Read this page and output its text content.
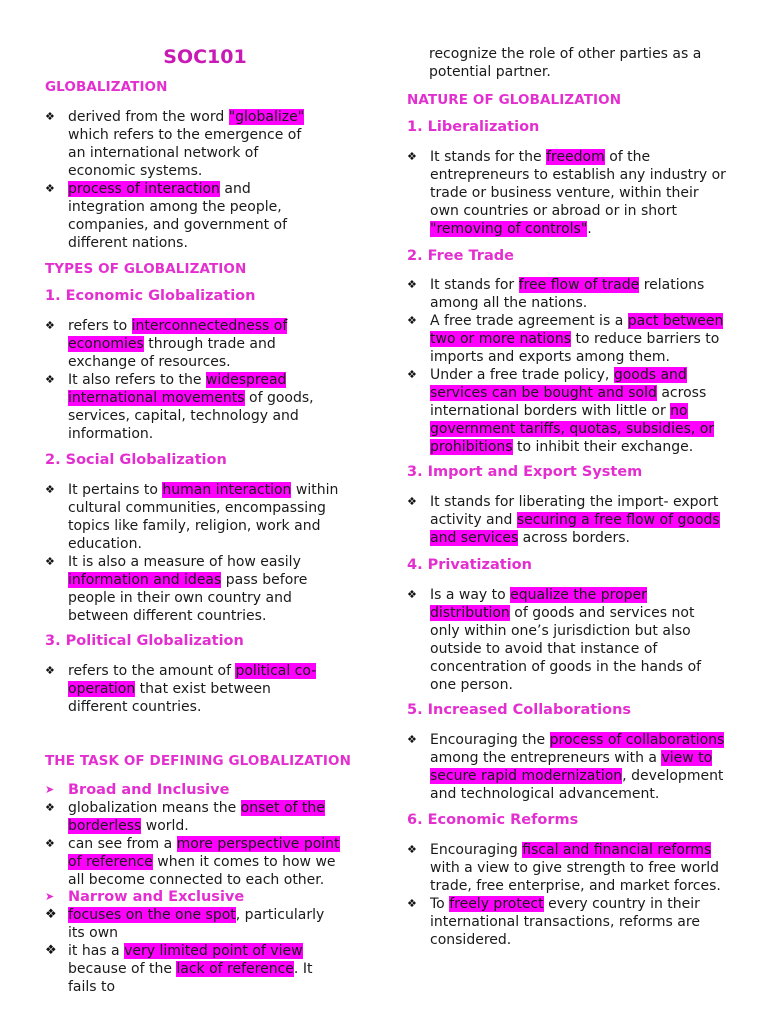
SOC101
GLOBALIZATION
❖ derived from the word "globalize" which refers to the emergence of an international network of economic systems.
❖ process of interaction and integration among the people, companies, and government of different nations.
TYPES OF GLOBALIZATION
1. Economic Globalization
❖ refers to interconnectedness of economies through trade and exchange of resources.
❖ It also refers to the widespread international movements of goods, services, capital, technology and information.
2. Social Globalization
❖ It pertains to human interaction within cultural communities, encompassing topics like family, religion, work and education.
❖ It is also a measure of how easily information and ideas pass before people in their own country and between different countries.
3. Political Globalization
❖ refers to the amount of political co-operation that exist between different countries.
THE TASK OF DEFINING GLOBALIZATION
➤ Broad and Inclusive
❖ globalization means the onset of the borderless world.
❖ can see from a more perspective point of reference when it comes to how we all become connected to each other.
➤ Narrow and Exclusive
❖ focuses on the one spot, particularly its own
❖ it has a very limited point of view because of the lack of reference. It fails to

recognize the role of other parties as a potential partner.

NATURE OF GLOBALIZATION
1. Liberalization
❖ It stands for the freedom of the entrepreneurs to establish any industry or trade or business venture, within their own countries or abroad or in short "removing of controls".
2. Free Trade
❖ It stands for free flow of trade relations among all the nations.
❖ A free trade agreement is a pact between two or more nations to reduce barriers to imports and exports among them.
❖ Under a free trade policy, goods and services can be bought and sold across international borders with little or no government tariffs, quotas, subsidies, or prohibitions to inhibit their exchange.
3. Import and Export System
❖ It stands for liberating the import- export activity and securing a free flow of goods and services across borders.
4. Privatization
❖ Is a way to equalize the proper distribution of goods and services not only within one’s jurisdiction but also outside to avoid that instance of concentration of goods in the hands of one person.
5. Increased Collaborations
❖ Encouraging the process of collaborations among the entrepreneurs with a view to secure rapid modernization, development and technological advancement.
6. Economic Reforms
❖ Encouraging fiscal and financial reforms with a view to give strength to free world trade, free enterprise, and market forces.
❖ To freely protect every country in their international transactions, reforms are considered.
